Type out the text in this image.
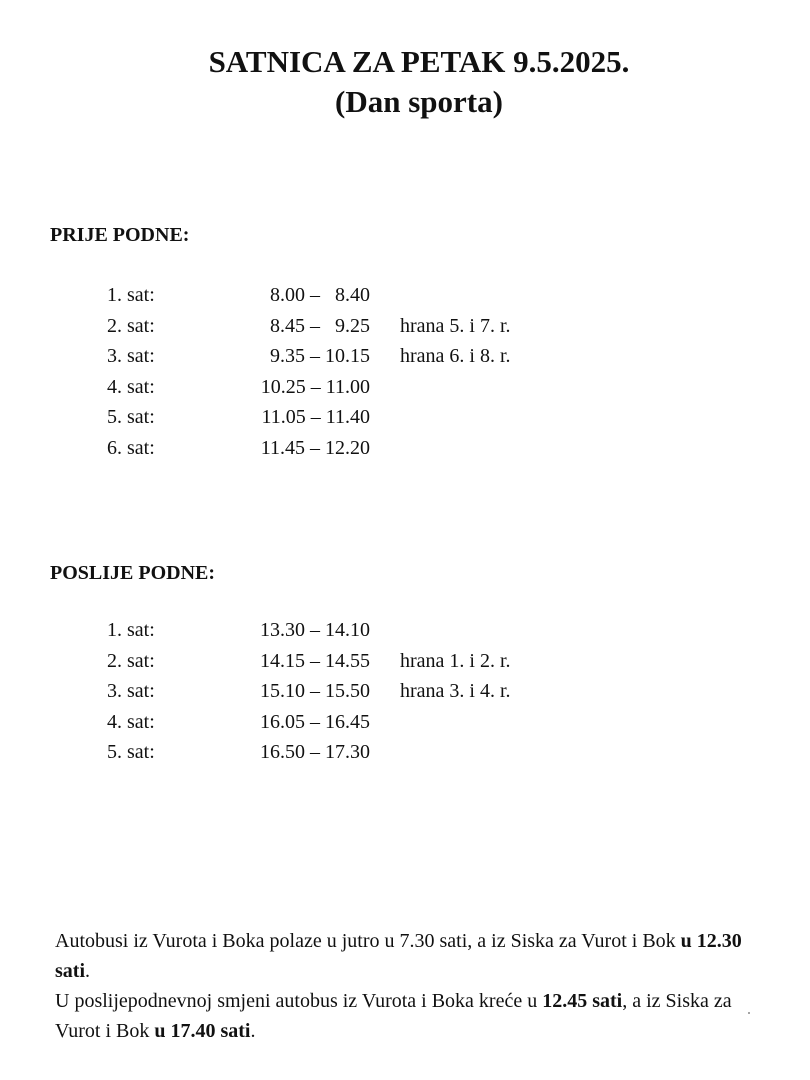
SATNICA ZA PETAK 9.5.2025.
(Dan sporta)
PRIJE PODNE:
1. sat:	8.00 –   8.40
2. sat:	8.45 –   9.25 hrana 5. i 7. r.
3. sat:	9.35 – 10.15 hrana 6. i 8. r.
4. sat:	10.25 – 11.00
5. sat:	11.05 – 11.40
6. sat:	11.45 – 12.20
POSLIJE PODNE:
1. sat:	13.30 – 14.10
2. sat:	14.15 – 14.55 hrana 1. i 2. r.
3. sat:	15.10 – 15.50 hrana 3. i 4. r.
4. sat:	16.05 – 16.45
5. sat:	16.50 – 17.30

Autobusi iz Vurota i Boka polaze u jutro u 7.30 sati, a iz Siska za Vurot i Bok u 12.30 sati.

U poslijepodnevnoj smjeni autobus iz Vurota i Boka kreće u 12.45 sati, a iz Siska za Vurot i Bok u 17.40 sati.
